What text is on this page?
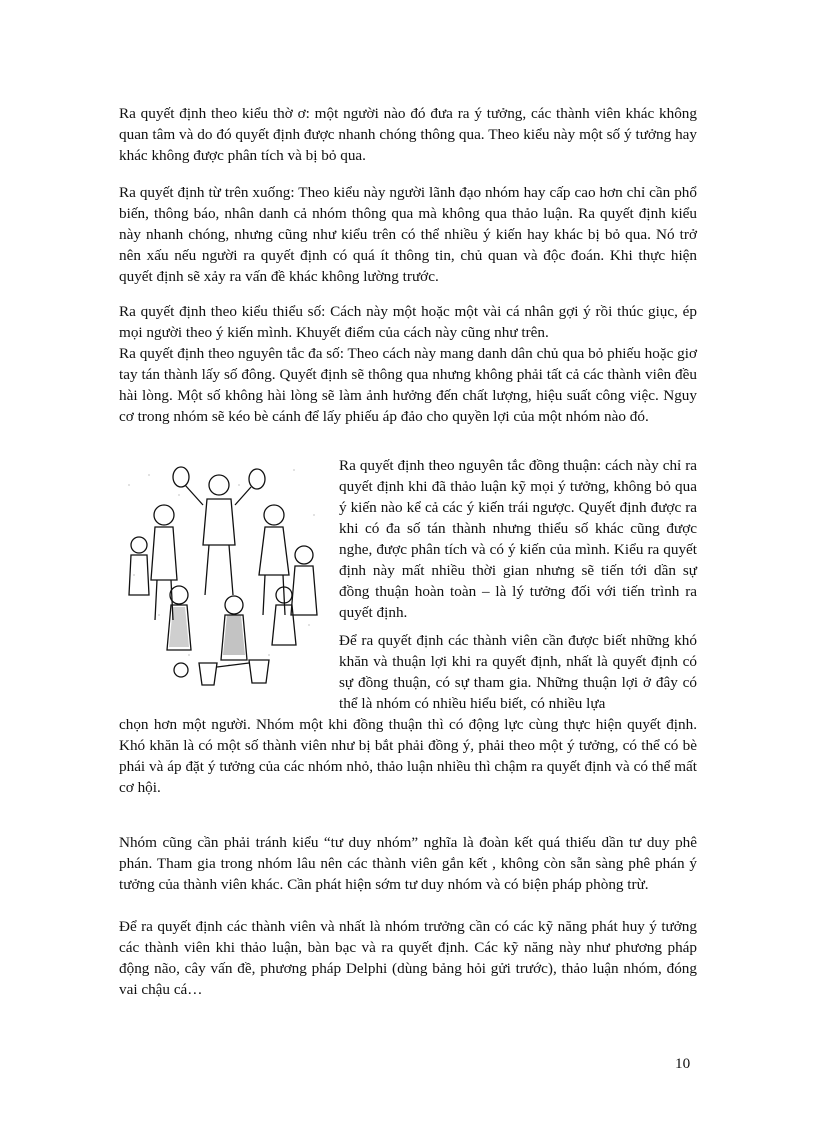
Ra quyết định theo kiểu thờ ơ: một người nào đó đưa ra ý tưởng, các thành viên khác không quan tâm và do đó quyết định được nhanh chóng thông qua. Theo kiểu này một số ý tưởng hay khác không được phân tích và bị bỏ qua.

Ra quyết định từ trên xuống: Theo kiểu này người lãnh đạo nhóm hay cấp cao hơn chỉ cần phổ biến, thông báo, nhân danh cả nhóm thông qua mà không qua thảo luận. Ra quyết định kiểu này nhanh chóng, nhưng cũng như kiểu trên có thể nhiều ý kiến hay khác bị bỏ qua. Nó trở nên xấu nếu người ra quyết định có quá ít thông tin, chủ quan và độc đoán. Khi thực hiện quyết định sẽ xảy ra vấn đề khác không lường trước.

Ra quyết định theo kiểu thiểu số: Cách này một hoặc một vài cá nhân gợi ý rồi thúc giục, ép mọi người theo ý kiến mình. Khuyết điểm của cách này cũng như trên.

Ra quyết định theo nguyên tắc đa số: Theo cách này mang danh dân chủ qua bỏ phiếu hoặc giơ tay tán thành lấy số đông. Quyết định sẽ thông qua nhưng không phải tất cả các thành viên đều hài lòng. Một số không hài lòng sẽ làm ảnh hưởng đến chất lượng, hiệu suất công việc. Nguy cơ trong nhóm sẽ kéo bè cánh để lấy phiếu áp đảo cho quyền lợi của một nhóm nào đó.

Ra quyết định theo nguyên tắc đồng thuận: cách này chỉ ra quyết định khi đã thảo luận kỹ mọi ý tưởng, không bỏ qua ý kiến nào kể cả các ý kiến trái ngược. Quyết định được ra khi có đa số tán thành nhưng thiểu số khác cũng được nghe, được phân tích và có ý kiến của mình. Kiểu ra quyết định này mất nhiều thời gian nhưng sẽ tiến tới dần sự đồng thuận hoàn toàn – là lý tưởng đối với tiến trình ra quyết định.

Để ra quyết định các thành viên cần được biết những khó khăn và thuận lợi khi ra quyết định, nhất là quyết định có sự đồng thuận, có sự tham gia. Những thuận lợi ở đây có thể là nhóm có nhiều hiểu biết, có nhiều lựa

chọn hơn một người. Nhóm một khi đồng thuận thì có động lực cùng thực hiện quyết định. Khó khăn là có một số thành viên như bị bắt phải đồng ý, phải theo một ý tưởng, có thể có bè phái và áp đặt ý tưởng của các nhóm nhỏ, thảo luận nhiều thì chậm ra quyết định và có thể mất cơ hội.

Nhóm cũng cần phải tránh kiểu “tư duy nhóm” nghĩa là đoàn kết quá thiếu dần tư duy phê phán. Tham gia trong nhóm lâu nên các thành viên gắn kết , không còn sẵn sàng phê phán ý tưởng của thành viên khác. Cần phát hiện sớm tư duy nhóm và có biện pháp phòng trừ.

Để ra quyết định các thành viên và nhất là nhóm trưởng cần có các kỹ năng phát huy ý tưởng các thành viên khi thảo luận, bàn bạc và ra quyết định. Các kỹ năng này như phương pháp động não, cây vấn đề, phương pháp Delphi (dùng bảng hỏi gửi trước), thảo luận nhóm, đóng vai chậu cá…

10
